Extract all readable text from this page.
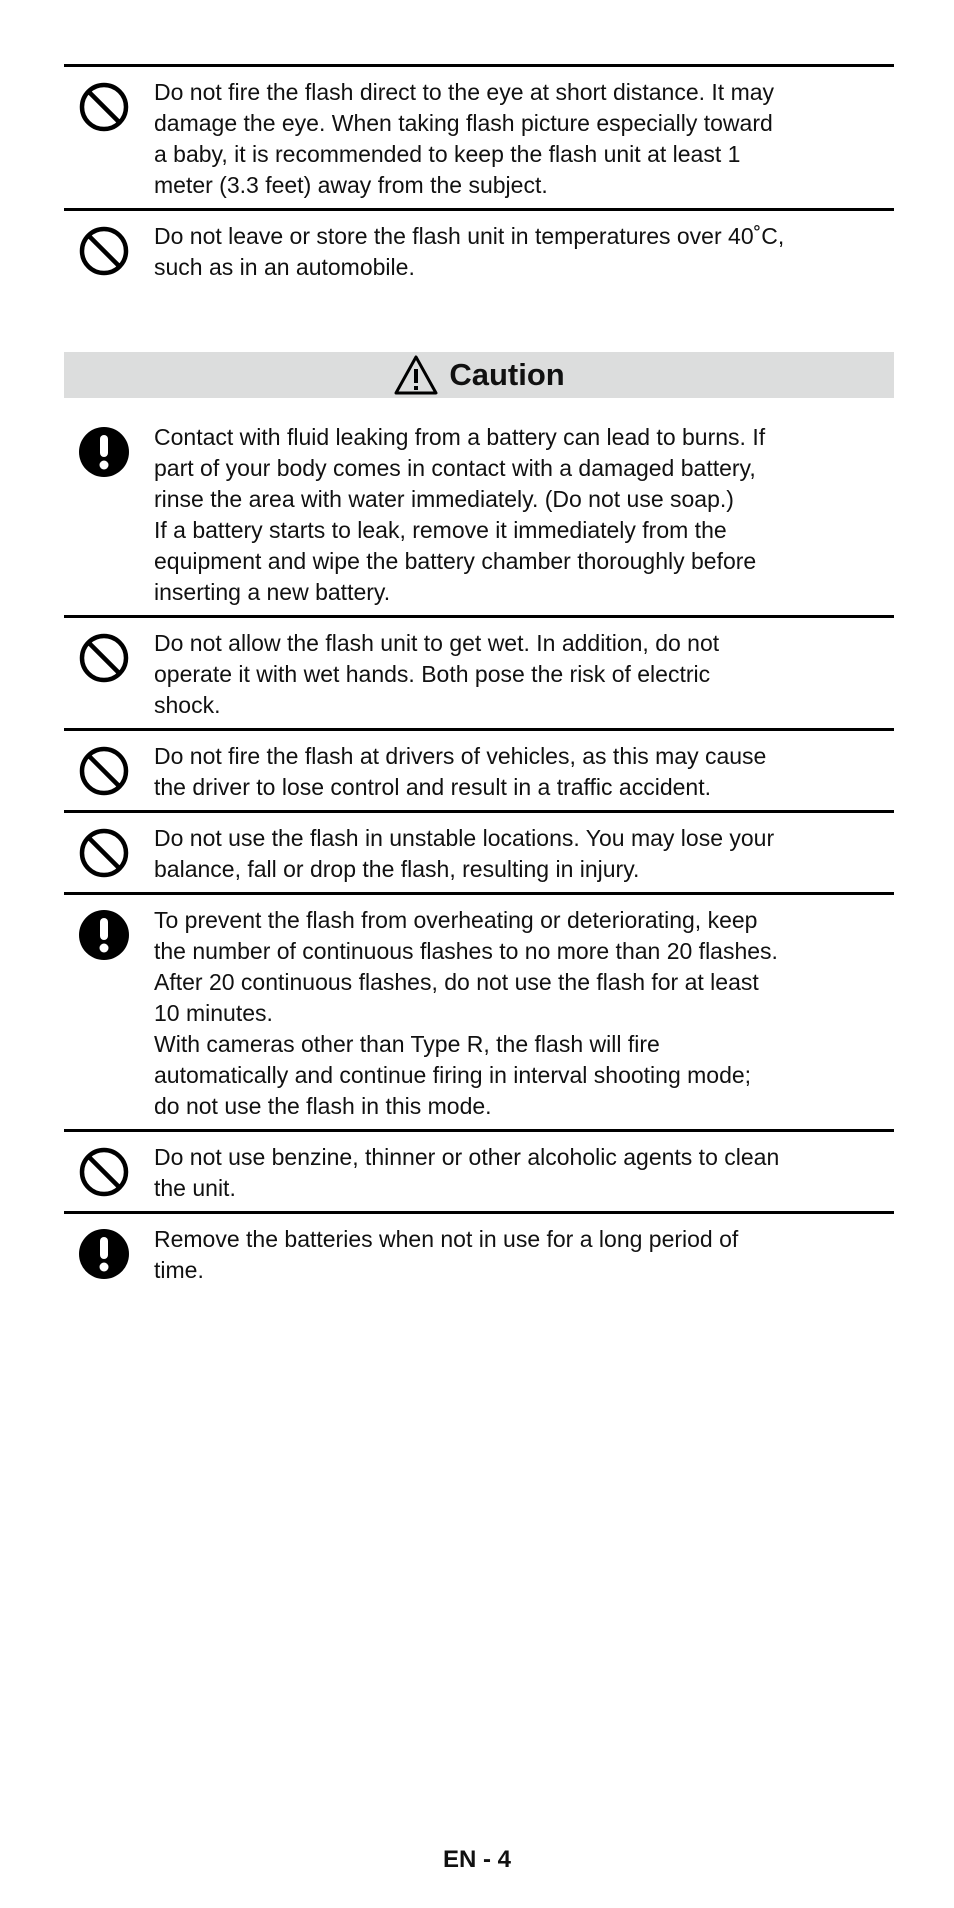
Do not fire the flash direct to the eye at short distance. It may
damage the eye. When taking flash picture especially toward
a baby, it is recommended to keep the flash unit at least 1
meter (3.3 feet) away from the subject.
Do not leave or store the flash unit in temperatures over 40˚C,
such as in an automobile.
Caution
Contact with fluid leaking from a battery can lead to burns. If
part of your body comes in contact with a damaged battery,
rinse the area with water immediately. (Do not use soap.)
If a battery starts to leak, remove it immediately from the
equipment and wipe the battery chamber thoroughly before
inserting a new battery.
Do not allow the flash unit to get wet. In addition, do not
operate it with wet hands. Both pose the risk of electric
shock.
Do not fire the flash at drivers of vehicles, as this may cause
the driver to lose control and result in a traffic accident.
Do not use the flash in unstable locations. You may lose your
balance, fall or drop the flash, resulting in injury.
To prevent the flash from overheating or deteriorating, keep
the number of continuous flashes to no more than 20 flashes.
After 20 continuous flashes, do not use the flash for at least
10 minutes.
With cameras other than Type R, the flash will fire
automatically and continue firing in interval shooting mode;
do not use the flash in this mode.
Do not use benzine, thinner or other alcoholic agents to clean
the unit.
Remove the batteries when not in use for a long period of
time.
EN - 4
